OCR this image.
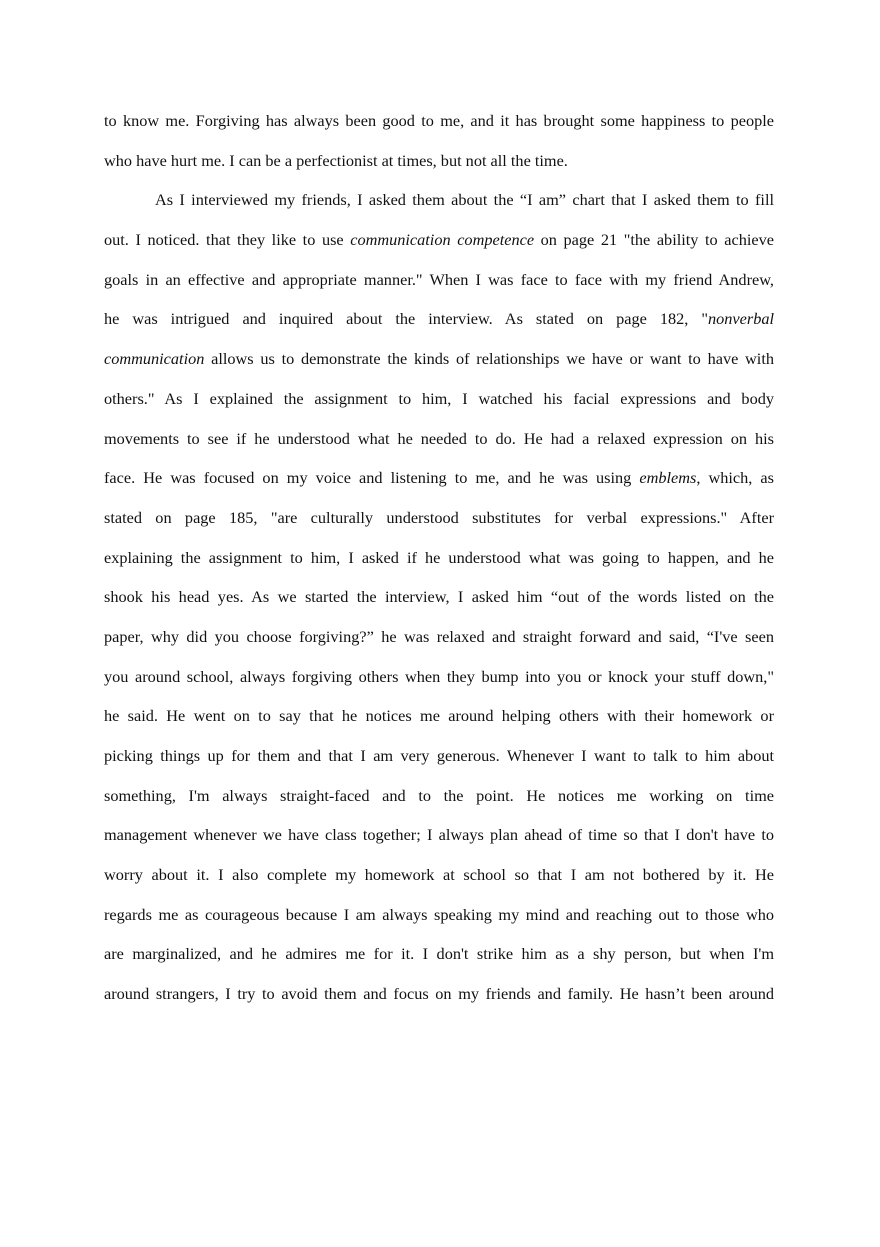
to know me. Forgiving has always been good to me, and it has brought some happiness to people
who have hurt me. I can be a perfectionist at times, but not all the time.
As I interviewed my friends, I asked them about the “I am” chart that I asked them to fill
out. I noticed. that they like to use communication competence on page 21 "the ability to achieve
goals in an effective and appropriate manner." When I was face to face with my friend Andrew,
he was intrigued and inquired about the interview. As stated on page 182, "nonverbal
communication allows us to demonstrate the kinds of relationships we have or want to have with
others." As I explained the assignment to him, I watched his facial expressions and body
movements to see if he understood what he needed to do. He had a relaxed expression on his
face. He was focused on my voice and listening to me, and he was using emblems, which, as
stated on page 185, "are culturally understood substitutes for verbal expressions." After
explaining the assignment to him, I asked if he understood what was going to happen, and he
shook his head yes. As we started the interview, I asked him “out of the words listed on the
paper, why did you choose forgiving?” he was relaxed and straight forward and said, “I've seen
you around school, always forgiving others when they bump into you or knock your stuff down,"
he said. He went on to say that he notices me around helping others with their homework or
picking things up for them and that I am very generous. Whenever I want to talk to him about
something, I'm always straight-faced and to the point. He notices me working on time
management whenever we have class together; I always plan ahead of time so that I don't have to
worry about it. I also complete my homework at school so that I am not bothered by it. He
regards me as courageous because I am always speaking my mind and reaching out to those who
are marginalized, and he admires me for it. I don't strike him as a shy person, but when I'm
around strangers, I try to avoid them and focus on my friends and family. He hasn’t been around
